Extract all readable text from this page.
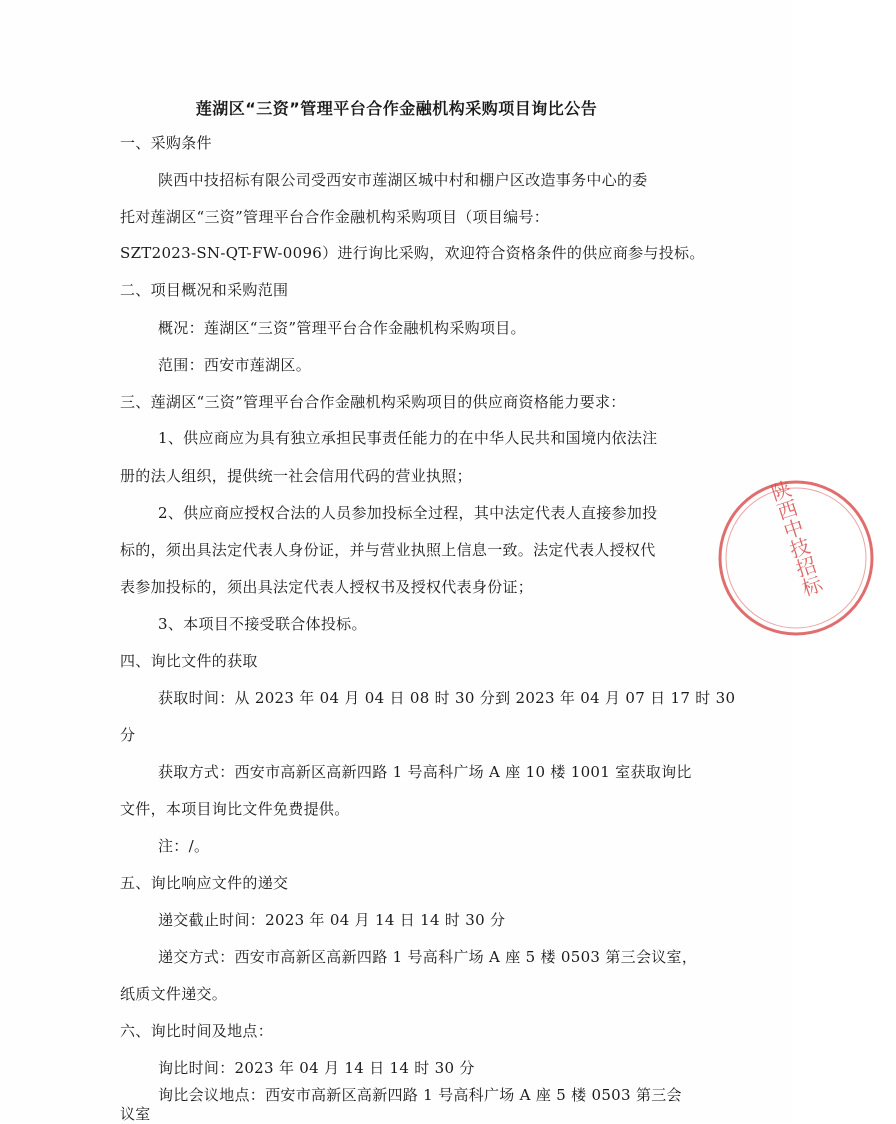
莲湖区“三资”管理平台合作金融机构采购项目询比公告
一、采购条件
陕西中技招标有限公司受西安市莲湖区城中村和棚户区改造事务中心的委
托对莲湖区“三资”管理平台合作金融机构采购项目（项目编号：
SZT2023-SN-QT-FW-0096）进行询比采购，欢迎符合资格条件的供应商参与投标。
二、项目概况和采购范围
概况：莲湖区“三资”管理平台合作金融机构采购项目。
范围：西安市莲湖区。
三、莲湖区“三资”管理平台合作金融机构采购项目的供应商资格能力要求：
1、供应商应为具有独立承担民事责任能力的在中华人民共和国境内依法注
册的法人组织，提供统一社会信用代码的营业执照；
2、供应商应授权合法的人员参加投标全过程，其中法定代表人直接参加投
标的，须出具法定代表人身份证，并与营业执照上信息一致。法定代表人授权代
表参加投标的，须出具法定代表人授权书及授权代表身份证；
3、本项目不接受联合体投标。
四、询比文件的获取
获取时间：从 2023 年 04 月 04 日 08 时 30 分到 2023 年 04 月 07 日 17 时 30
分
获取方式：西安市高新区高新四路 1 号高科广场 A 座 10 楼 1001 室获取询比
文件，本项目询比文件免费提供。
注：/。
五、询比响应文件的递交
递交截止时间：2023 年 04 月 14 日 14 时 30 分
递交方式：西安市高新区高新四路 1 号高科广场 A 座 5 楼 0503 第三会议室，
纸质文件递交。
六、询比时间及地点：
询比时间：2023 年 04 月 14 日 14 时 30 分
询比会议地点：西安市高新区高新四路 1 号高科广场 A 座 5 楼 0503 第三会
议室
陕西中技招标
